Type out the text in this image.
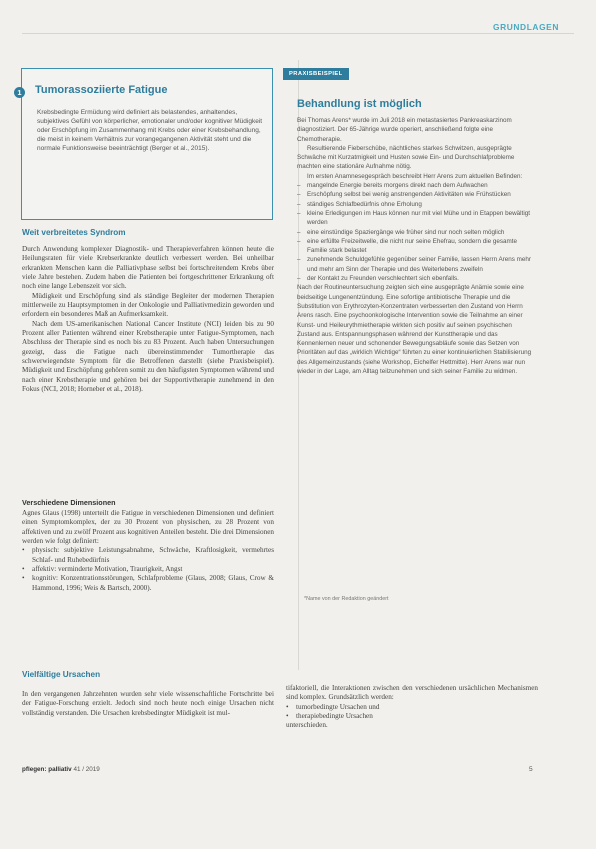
GRUNDLAGEN
1	Tumorassoziierte Fatigue
Krebsbedingte Ermüdung wird definiert als belastendes, anhaltendes, subjektives Gefühl von körperlicher, emotionaler und/oder kognitiver Müdigkeit oder Erschöpfung im Zusammenhang mit Krebs oder einer Krebsbehandlung, die meist in keinem Verhältnis zur vorangegangenen Aktivität steht und die normale Funktionsweise beeinträchtigt (Berger et al., 2015).
Weit verbreitetes Syndrom

Durch Anwendung komplexer Diagnostik- und Therapieverfahren können heute die Heilungsraten für viele Krebserkrankte deutlich verbessert werden. Bei unheilbar erkrankten Menschen kann die Palliativphase selbst bei fortschreitendem Krebs über viele Jahre bestehen. Zudem haben die Patienten bei fortgeschrittener Erkrankung oft noch eine lange Lebenszeit vor sich.

Müdigkeit und Erschöpfung sind als ständige Begleiter der modernen Therapien mittlerweile zu Hauptsymptomen in der Onkologie und Palliativmedizin geworden und erfordern ein besonderes Maß an Aufmerksamkeit.

Nach dem US-amerikanischen National Cancer Institute (NCI) leiden bis zu 90 Prozent aller Patienten während einer Krebstherapie unter Fatigue-Symptomen, nach Abschluss der Therapie sind es noch bis zu 83 Prozent. Auch haben Untersuchungen gezeigt, dass die Fatigue nach übereinstimmender Tumortherapie das schwerwiegendste Symptom für die Betroffenen darstellt (siehe Praxisbeispiel). Müdigkeit und Erschöpfung gehören somit zu den häufigsten Symptomen während und nach einer Krebstherapie und gehören bei der Supportivtherapie zunehmend in den Fokus (NCI, 2018; Horneber et al., 2018).

Verschiedene Dimensionen

Agnes Glaus (1998) unterteilt die Fatigue in verschiedenen Dimensionen und definiert einen Symptomkomplex, der zu 30 Prozent von physischen, zu 28 Prozent von affektiven und zu zwölf Prozent aus kognitiven Anteilen besteht. Die drei Dimensionen werden wie folgt definiert:

• physisch: subjektive Leistungsabnahme, Schwäche, Kraftlosigkeit, vermehrtes Schlaf- und Ruhebedürfnis
• affektiv: verminderte Motivation, Traurigkeit, Angst
• kognitiv: Konzentrationsstörungen, Schlafprobleme (Glaus, 2008; Glaus, Crow & Hammond, 1996; Weis & Bartsch, 2000).
Vielfältige Ursachen

In den vergangenen Jahrzehnten wurden sehr viele wissenschaftliche Fortschritte bei der Fatigue-Forschung erzielt. Jedoch sind noch heute noch einige Ursachen nicht vollständig verstanden. Die Ursachen krebsbedingter Müdigkeit ist mul-

tifaktoriell, die Interaktionen zwischen den verschiedenen ursächlichen Mechanismen sind komplex. Grundsätzlich werden:

• tumorbedingte Ursachen und
• therapiebedingte Ursachen

unterschieden.

PRAXISBEISPIEL
Behandlung ist möglich

Bei Thomas Arens* wurde im Juli 2018 ein metastasiertes Pankreaskarzinom diagnostiziert. Der 65-Jährige wurde operiert, anschließend folgte eine Chemotherapie.

Resultierende Fieberschübe, nächtliches starkes Schwitzen, ausgeprägte Schwäche mit Kurzatmigkeit und Husten sowie Ein- und Durchschlafprobleme machten eine stationäre Aufnahme nötig.

Im ersten Anamnesegespräch beschreibt Herr Arens zum aktuellen Befinden:

– mangelnde Energie bereits morgens direkt nach dem Aufwachen
– Erschöpfung selbst bei wenig anstrengenden Aktivitäten wie Frühstücken
– ständiges Schlafbedürfnis ohne Erholung
– kleine Erledigungen im Haus können nur mit viel Mühe und in Etappen bewältigt werden
– eine einstündige Spaziergänge wie früher sind nur noch selten möglich
– eine erfüllte Freizeitwelle, die nicht nur seine Ehefrau, sondern die gesamte Familie stark belastet
– zunehmende Schuldgefühle gegenüber seiner Familie, lassen Herrn Arens mehr und mehr am Sinn der Therapie und des Weiterlebens zweifeln
– der Kontakt zu Freunden verschlechtert sich ebenfalls.

Nach der Routineuntersuchung zeigten sich eine ausgeprägte Anämie sowie eine beidseitige Lungenentzündung. Eine sofortige antibiotische Therapie und die Substitution von Erythrozyten-Konzentraten verbesserten den Zustand von Herrn Arens rasch. Eine psychoonkologische Intervention sowie die Teilnahme an einer Kunst- und Heileurythmietherapie wirkten sich positiv auf seinen psychischen Zustand aus. Entspannungsphasen während der Kunsttherapie und das Kennenlernen neuer und schonender Bewegungsabläufe sowie das Setzen von Prioritäten auf das „wirklich Wichtige“ führten zu einer kontinuierlichen Stabilisierung des Allgemeinzustands (siehe Workshop, Eichelfer Hettmitte). Herr Arens war nun wieder in der Lage, am Alltag teilzunehmen und sich seiner Familie zu widmen.

*Name von der Redaktion geändert
pflegen: palliativ 41 / 2019	5
